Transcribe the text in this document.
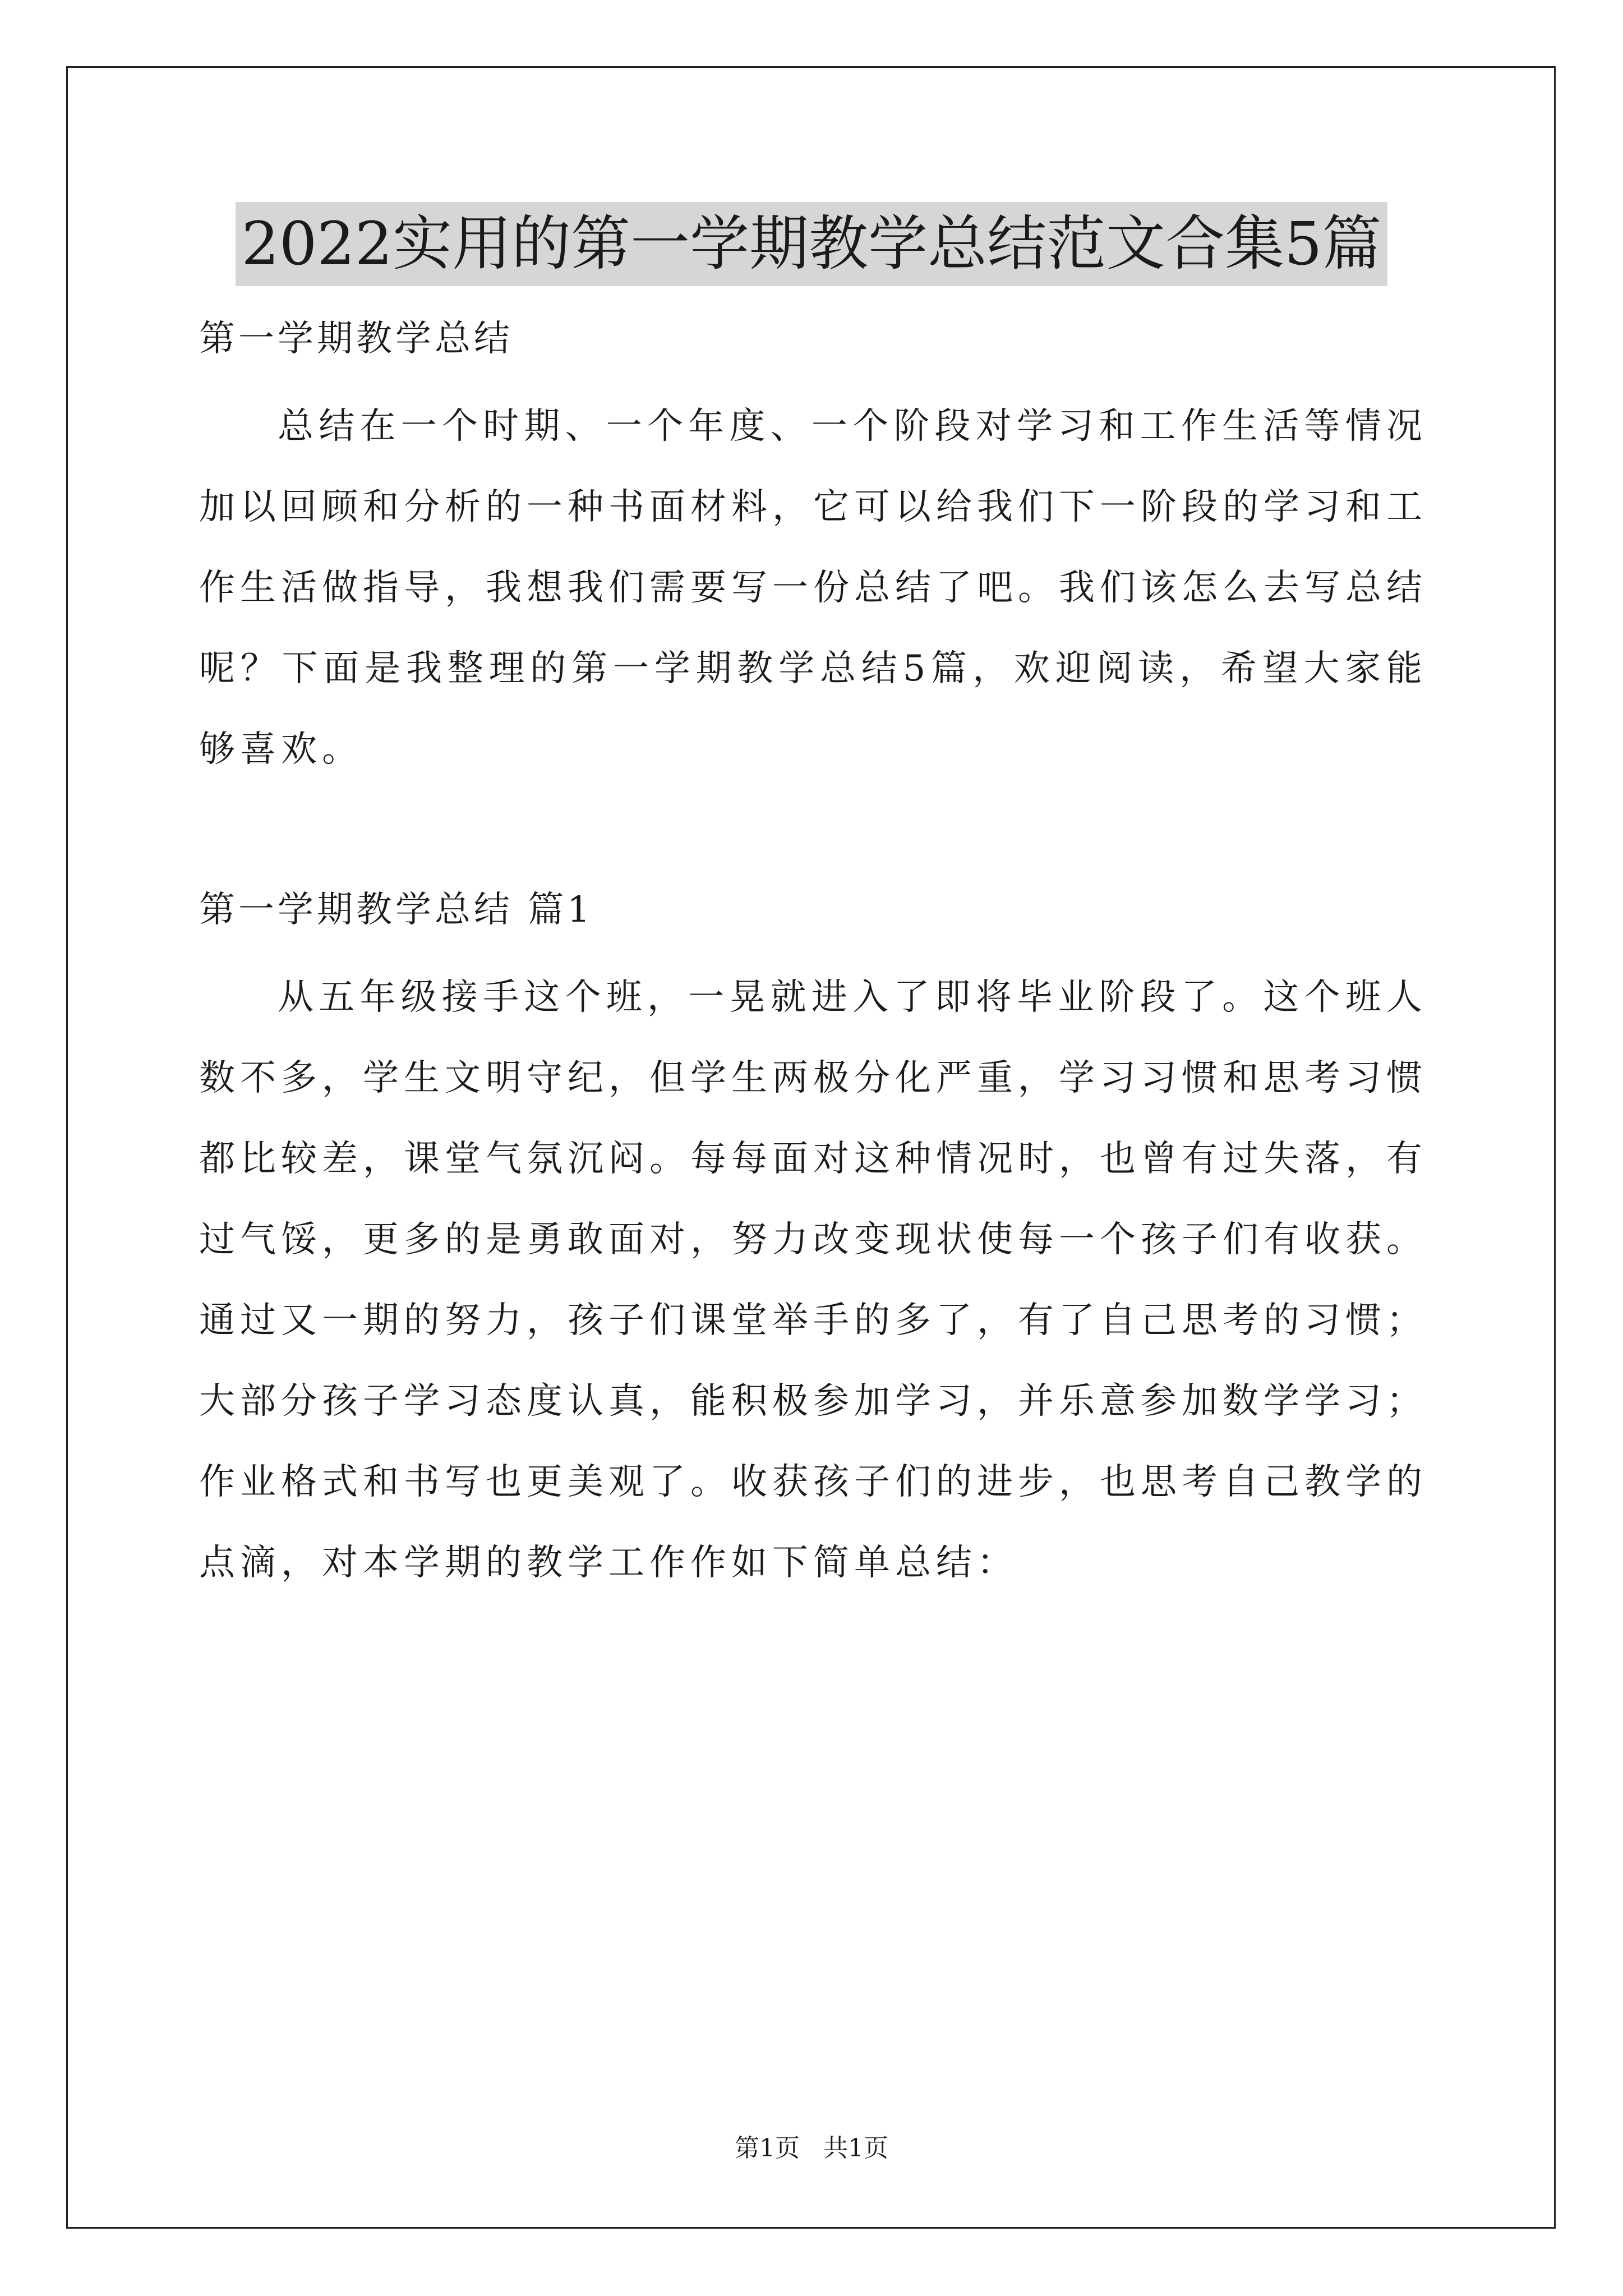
2022实用的第一学期教学总结范文合集5篇

第一学期教学总结

总结在一个时期、一个年度、一个阶段对学习和工作生活等情况加以回顾和分析的一种书面材料，它可以给我们下一阶段的学习和工作生活做指导，我想我们需要写一份总结了吧。我们该怎么去写总结呢？下面是我整理的第一学期教学总结5篇，欢迎阅读，希望大家能够喜欢。

第一学期教学总结 篇1

从五年级接手这个班，一晃就进入了即将毕业阶段了。这个班人数不多，学生文明守纪，但学生两极分化严重，学习习惯和思考习惯都比较差，课堂气氛沉闷。每每面对这种情况时，也曾有过失落，有过气馁，更多的是勇敢面对，努力改变现状使每一个孩子们有收获。通过又一期的努力，孩子们课堂举手的多了，有了自己思考的习惯；大部分孩子学习态度认真，能积极参加学习，并乐意参加数学学习；作业格式和书写也更美观了。收获孩子们的进步，也思考自己教学的点滴，对本学期的教学工作作如下简单总结：

第1页   共1页
